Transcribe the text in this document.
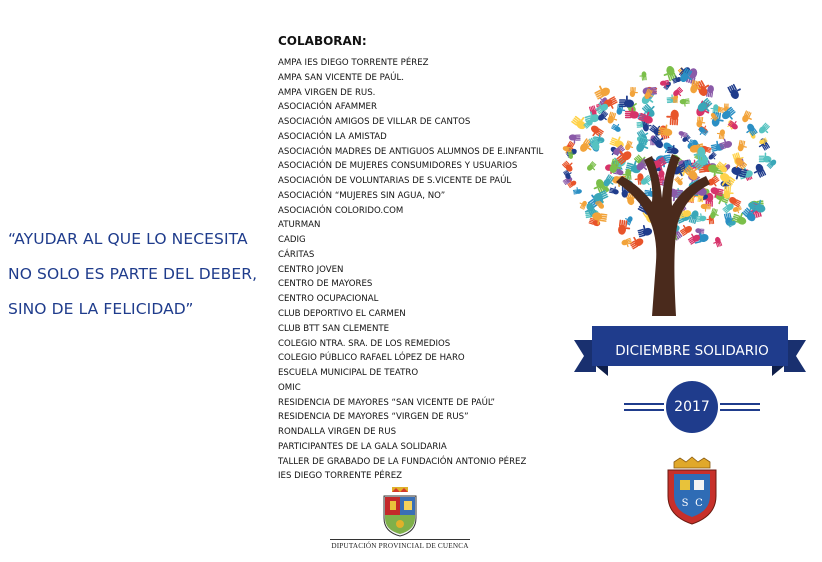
“AYUDAR AL QUE LO NECESITA
NO SOLO ES PARTE DEL DEBER,
SINO DE LA FELICIDAD”
COLABORAN:
AMPA IES DIEGO TORRENTE PÉREZ
AMPA SAN VICENTE DE PAÚL.
AMPA VIRGEN DE RUS.
ASOCIACIÓN AFAMMER
ASOCIACIÓN AMIGOS DE VILLAR DE CANTOS
ASOCIACIÓN LA AMISTAD
ASOCIACIÓN MADRES DE ANTIGUOS ALUMNOS DE E.INFANTIL
ASOCIACIÓN DE MUJERES CONSUMIDORES Y USUARIOS
ASOCIACIÓN DE VOLUNTARIAS DE S.VICENTE DE PAÚL
ASOCIACIÓN “MUJERES SIN AGUA, NO”
ASOCIACIÓN COLORIDO.COM
ATURMAN
CADIG
CÁRITAS
CENTRO JOVEN
CENTRO DE MAYORES
CENTRO OCUPACIONAL
CLUB DEPORTIVO EL CARMEN
CLUB BTT SAN CLEMENTE
COLEGIO NTRA. SRA. DE LOS REMEDIOS
COLEGIO PÚBLICO RAFAEL LÓPEZ DE HARO
ESCUELA MUNICIPAL DE TEATRO
OMIC
RESIDENCIA DE MAYORES “SAN VICENTE DE PAÚL”
RESIDENCIA DE MAYORES “VIRGEN DE RUS”
RONDALLA VIRGEN DE RUS
PARTICIPANTES DE LA GALA SOLIDARIA
TALLER DE GRABADO DE LA FUNDACIÓN ANTONIO PÉREZ
IES DIEGO TORRENTE PÉREZ
DIPUTACIÓN PROVINCIAL DE CUENCA
DICIEMBRE SOLIDARIO
2017
S C
